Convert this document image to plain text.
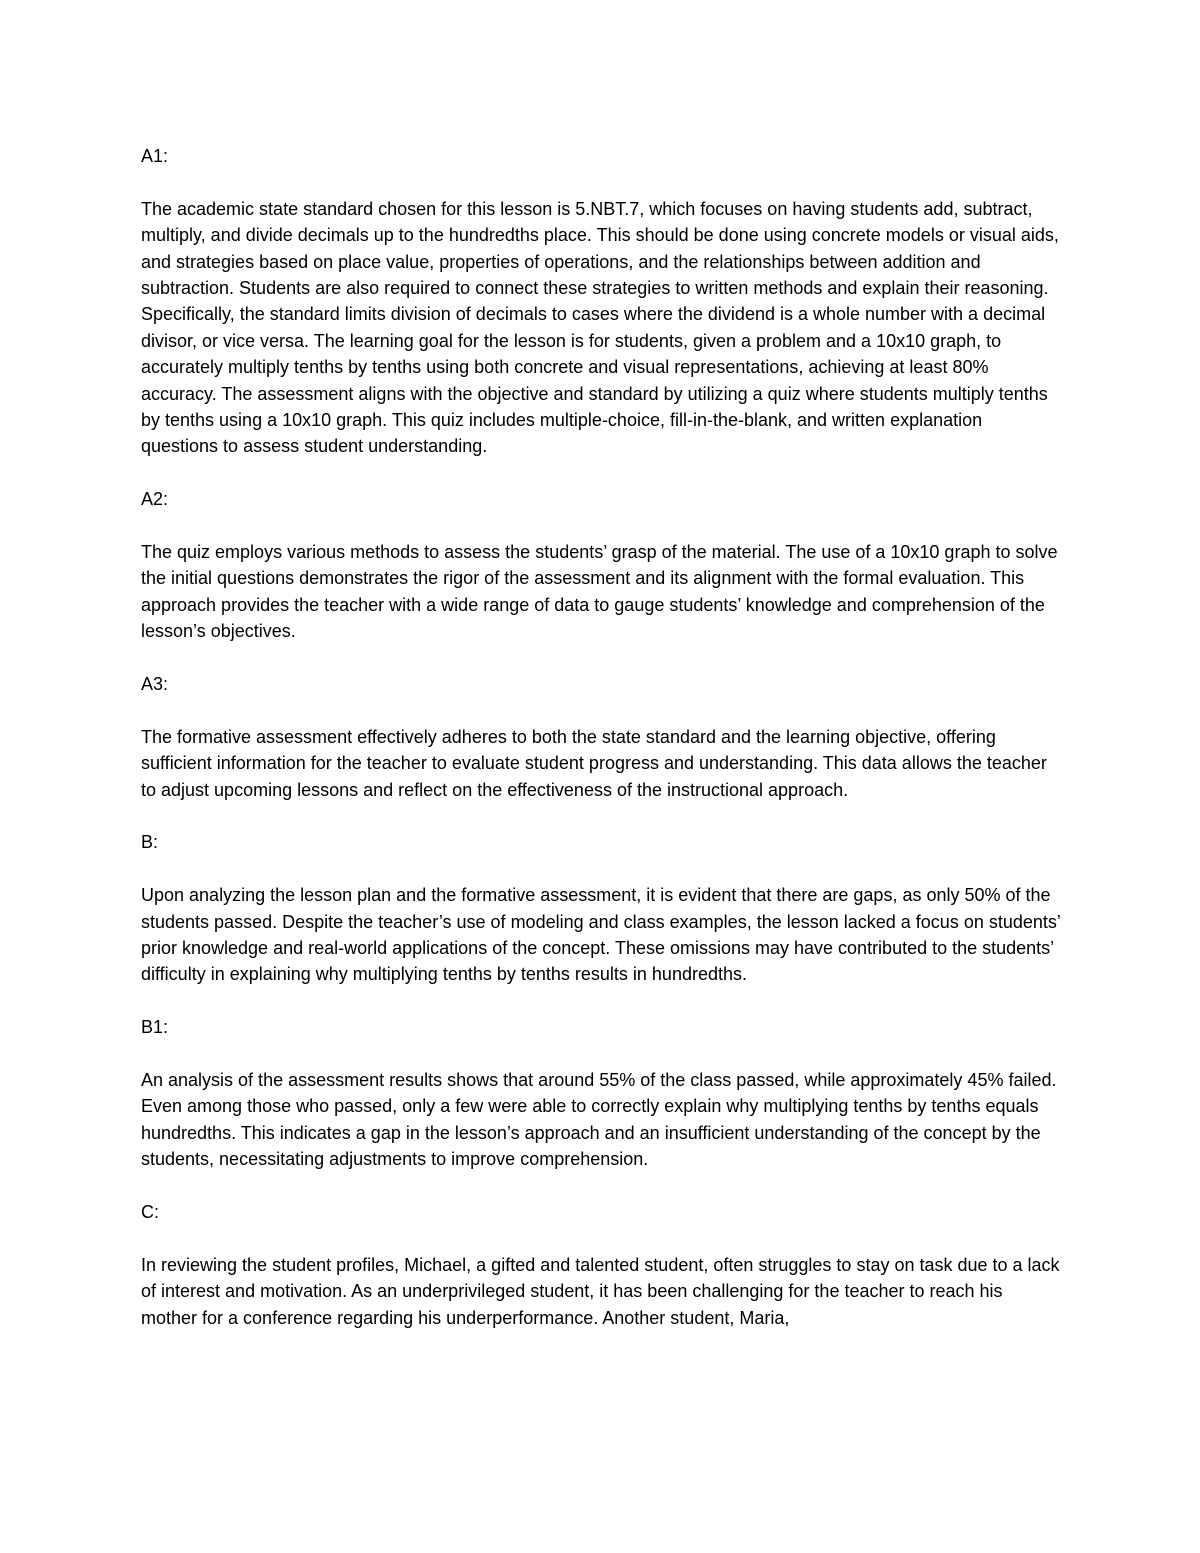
A1:

The academic state standard chosen for this lesson is 5.NBT.7, which focuses on having students add, subtract, multiply, and divide decimals up to the hundredths place. This should be done using concrete models or visual aids, and strategies based on place value, properties of operations, and the relationships between addition and subtraction. Students are also required to connect these strategies to written methods and explain their reasoning. Specifically, the standard limits division of decimals to cases where the dividend is a whole number with a decimal divisor, or vice versa. The learning goal for the lesson is for students, given a problem and a 10x10 graph, to accurately multiply tenths by tenths using both concrete and visual representations, achieving at least 80% accuracy. The assessment aligns with the objective and standard by utilizing a quiz where students multiply tenths by tenths using a 10x10 graph. This quiz includes multiple-choice, fill-in-the-blank, and written explanation questions to assess student understanding.

A2:

The quiz employs various methods to assess the students’ grasp of the material. The use of a 10x10 graph to solve the initial questions demonstrates the rigor of the assessment and its alignment with the formal evaluation. This approach provides the teacher with a wide range of data to gauge students’ knowledge and comprehension of the lesson’s objectives.

A3:

The formative assessment effectively adheres to both the state standard and the learning objective, offering sufficient information for the teacher to evaluate student progress and understanding. This data allows the teacher to adjust upcoming lessons and reflect on the effectiveness of the instructional approach.

B:

Upon analyzing the lesson plan and the formative assessment, it is evident that there are gaps, as only 50% of the students passed. Despite the teacher’s use of modeling and class examples, the lesson lacked a focus on students’ prior knowledge and real-world applications of the concept. These omissions may have contributed to the students’ difficulty in explaining why multiplying tenths by tenths results in hundredths.

B1:

An analysis of the assessment results shows that around 55% of the class passed, while approximately 45% failed. Even among those who passed, only a few were able to correctly explain why multiplying tenths by tenths equals hundredths. This indicates a gap in the lesson’s approach and an insufficient understanding of the concept by the students, necessitating adjustments to improve comprehension.

C:

In reviewing the student profiles, Michael, a gifted and talented student, often struggles to stay on task due to a lack of interest and motivation. As an underprivileged student, it has been challenging for the teacher to reach his mother for a conference regarding his underperformance. Another student, Maria,
